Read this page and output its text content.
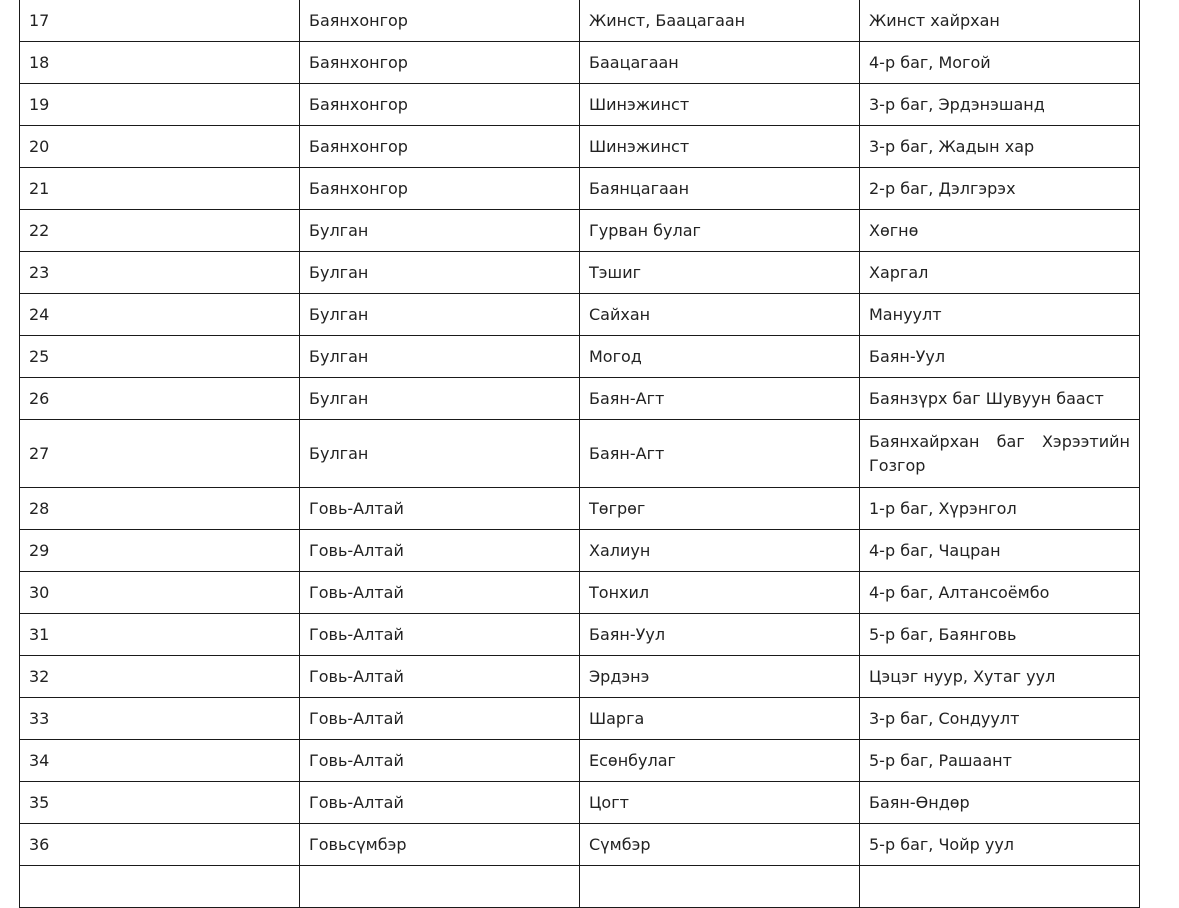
17	Баянхонгор	Жинст, Баацагаан	Жинст хайрхан
18	Баянхонгор	Баацагаан	4-р баг, Могой
19	Баянхонгор	Шинэжинст	3-р баг, Эрдэнэшанд
20	Баянхонгор	Шинэжинст	3-р баг, Жадын хар
21	Баянхонгор	Баянцагаан	2-р баг, Дэлгэрэх
22	Булган	Гурван булаг	Хөгнө
23	Булган	Тэшиг	Харгал
24	Булган	Сайхан	Мануулт
25	Булган	Могод	Баян-Уул
26	Булган	Баян-Агт	Баянзүрх баг Шувуун бааст
27	Булган	Баян-Агт	Баянхайрхан баг Хэрээтийн Гозгор
28	Говь-Алтай	Төгрөг	1-р баг, Хүрэнгол
29	Говь-Алтай	Халиун	4-р баг, Чацран
30	Говь-Алтай	Тонхил	4-р баг, Алтансоёмбо
31	Говь-Алтай	Баян-Уул	5-р баг, Баянговь
32	Говь-Алтай	Эрдэнэ	Цэцэг нуур, Хутаг уул
33	Говь-Алтай	Шарга	3-р баг, Сондуулт
34	Говь-Алтай	Есөнбулаг	5-р баг, Рашаант
35	Говь-Алтай	Цогт	Баян-Өндөр
36	Говьсүмбэр	Сүмбэр	5-р баг, Чойр уул
